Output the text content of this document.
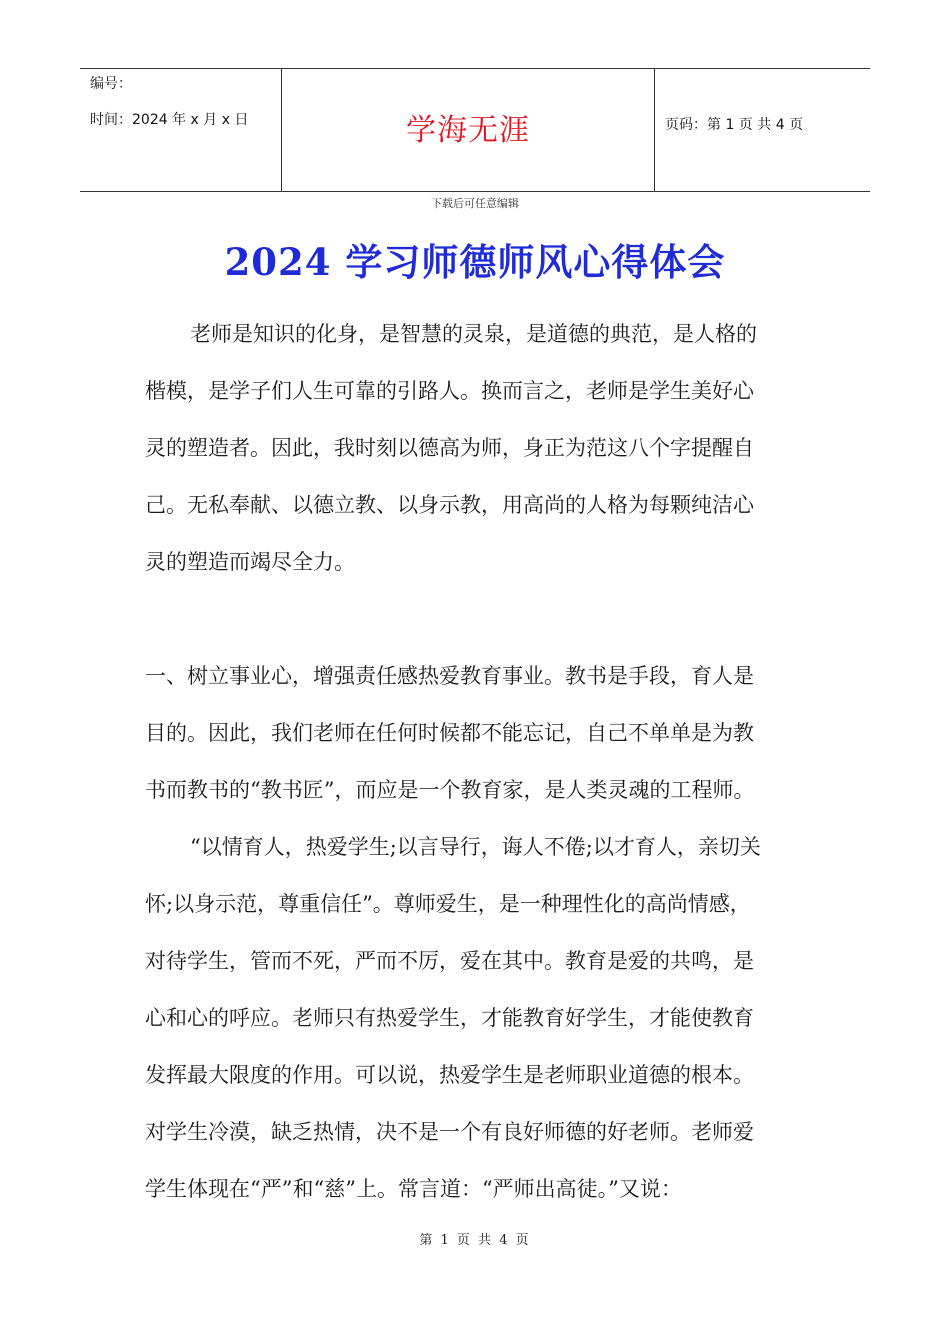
编号：
时间：2024 年 x 月 x 日	学海无涯	页码：第 1 页 共 4 页
下载后可任意编辑
2024 学习师德师风心得体会
老师是知识的化身，是智慧的灵泉，是道德的典范，是人格的
楷模，是学子们人生可靠的引路人。换而言之，老师是学生美好心
灵的塑造者。因此，我时刻以德高为师，身正为范这八个字提醒自
己。无私奉献、以德立教、以身示教，用高尚的人格为每颗纯洁心
灵的塑造而竭尽全力。
一、树立事业心，增强责任感热爱教育事业。教书是手段，育人是
目的。因此，我们老师在任何时候都不能忘记，自己不单单是为教
书而教书的“教书匠”，而应是一个教育家，是人类灵魂的工程师。
“以情育人，热爱学生;以言导行，诲人不倦;以才育人，亲切关
怀;以身示范，尊重信任”。尊师爱生，是一种理性化的高尚情感，
对待学生，管而不死，严而不厉，爱在其中。教育是爱的共鸣，是
心和心的呼应。老师只有热爱学生，才能教育好学生，才能使教育
发挥最大限度的作用。可以说，热爱学生是老师职业道德的根本。
对学生冷漠，缺乏热情，决不是一个有良好师德的好老师。老师爱
学生体现在“严”和“慈”上。常言道：“严师出高徒。”又说：
第 1 页 共 4 页
